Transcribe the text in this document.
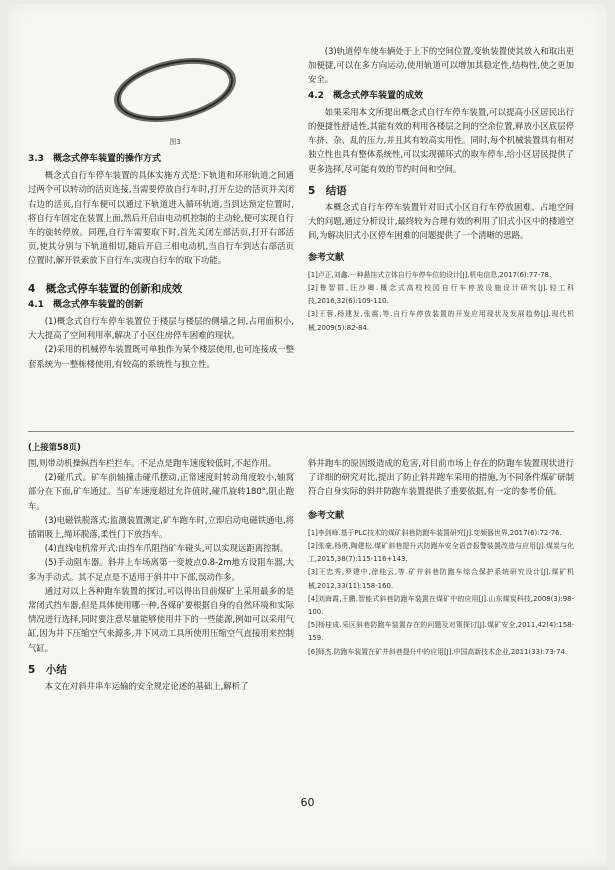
图3
3.3　概念式停车装置的操作方式

概念式自行车停车装置的具体实施方式是:下轨道和环形轨道之间通过两个可以转动的活页连接,当需要停放自行车时,打开左边的活页并关闭右边的活页,自行车便可以通过下轨道进入循环轨道,当到达预定位置时,将自行车固定在装置上面,然后开启由电动机控制的主动轮,便可实现自行车的旋转停放。同理,自行车需要取下时,首先关闭左部活页,打开右部活页,使其分别与下轨道相切,随后开启三相电动机,当自行车到达右部活页位置时,解开铁索放下自行车,实现自行车的取下功能。

4　概念式停车装置的创新和成效
4.1　概念式停车装置的创新

(1)概念式自行车停车装置位于楼层与楼层的侧墙之间,占用面积小,大大提高了空间利用率,解决了小区住房停车困难的现状。

(2)采用的机械停车装置既可单独作为某个楼层使用,也可连接成一整套系统为一整栋楼使用,有较高的系统性与独立性。

(3)轨道停车使车辆处于上下的空间位置,变轨装置使其放入和取出更加便捷,可以在多方向运动,使用轨道可以增加其稳定性,结构性,使之更加安全。

4.2　概念式停车装置的成效

如果采用本文所提出概念式自行车停车装置,可以提高小区居民出行的便捷性舒适性,其能有效的利用各楼层之间的空余位置,释放小区底层停车挤、杂、乱的压力,并且其有较高实用性。同时,每个机械装置具有相对独立性也具有整体系统性,可以实现循环式的取车停车,给小区居民提供了更多选择,尽可能有效的节约时间和空间。

5　结语

本概念式自行车停车装置针对旧式小区自行车停放困难、占地空间大的问题,通过分析设计,最终较为合理有效的利用了旧式小区中的楼道空间,为解决旧式小区停车困难的问题提供了一个清晰的思路。

参考文献

[1]卢正,刘鑫.一种悬挂式立体自行车停车位的设计[J].机电信息,2017(6):77-78.

[2]鲁智群,汪沙卿.概念式高校校园自行车停放设施设计研究[J].轻工科技,2016,32(6):109-110.

[3]王蓉,杨建发,张震,等.自行车停放装置的开发应用现状及发展趋势[J].现代机械,2009(5):82-84.

(上接第58页)

围,则带动机操纵挡车栏拦车。不足点是跑车速度较低时,不起作用。

(2)碰爪式。矿车前轴撞击碰爪摆动,正常速度时转动角度较小,轴窝部分在下面,矿车通过。当矿车速度超过允许值时,碰爪旋转180°,阻止跑车。

(3)电磁铁脱落式:监测装置测定,矿车跑车时,立即启动电磁铁通电,将插销吸上,绳环脱落,柔性门下放挡车。

(4)直线电机常开式:由挡车爪阻挡矿车碰头,可以实现远距离控制。

(5)手动阻车器。斜井上车场离第一变坡点0.8-2m地方设阻车器,大多为手动式。其不足点是不适用于斜井中下部,误动作多。

通过对以上各种跑车装置的探讨,可以得出目前煤矿上采用最多的是常闭式挡车器,但是具体使用哪一种,各煤矿要根据自身的自然环境和实际情况进行选择,同时要注意尽量能够使用井下的一些能源,例如可以采用气缸,因为井下压缩空气来源多,井下风动工具所使用压缩空气直接用来控制气缸。

5　小结

本文在对斜井串车运输的安全规定论述的基础上,解析了

斜井跑车的原因级造成的危害,对目前市场上存在的防跑车装置现状进行了详细的研究对比,提出了防止斜井跑车采用的措施,为不同条件煤矿研制符合自身实际的斜井防跑车装置提供了重要依据,有一定的参考价值。

参考文献

[1]李剑峰.基于PLC技术的煤矿斜巷防跑车装置研究[J].变频器世界,2017(6):72-76.

[2]张豪,杨勇,陶建松.煤矿斜巷提升式防跑车安全语音报警装置改造与应用[J].煤炭与化工,2015,38(7):115-116+143.

[3]王忠秀,罗建中,徐桂云,等.矿井斜巷防跑车综合保护系统研究设计[J].煤矿机械,2012,33(11):158-160.

[4]刘海霞,王鹏.智能式斜巷防跑车装置在煤矿中的应用[J].山东煤炭科技,2008(3):98-100.

[5]杨桂成.采区斜巷防跑车装置存在的问题及对策探讨[J].煤矿安全,2011,42(4):158-159.

[6]师杰.防跑车装置在矿井斜巷提升中的应用[J].中国高新技术企业,2011(33):73-74.

60
